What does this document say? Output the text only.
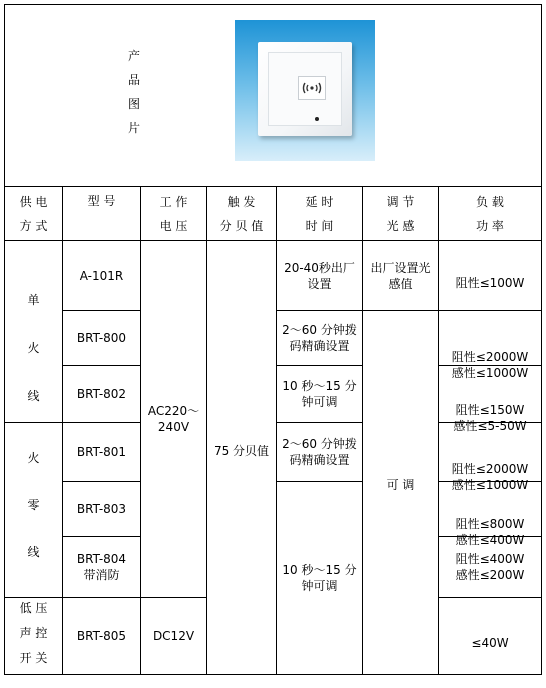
产
品
图
片
供 电
方 式
型 号	工 作
电 压
触 发
分 贝 值
延 时
时 间
调 节
光 感
负 载
功 率
单
火
线
火
零
线
低 压
声 控
开 关
A-101R
BRT-800
BRT-802
BRT-801
BRT-803
BRT-804
带消防
BRT-805
AC220～
240V
DC12V
75 分贝值
20-40秒出厂
设置
2～60 分钟拨
码精确设置
10 秒～15 分
钟可调
2～60 分钟拨
码精确设置
10 秒～15 分
钟可调
出厂设置光
感值
可 调
阻性≤100W
阻性≤2000W
感性≤1000W
阻性≤150W
感性≤5-50W
阻性≤2000W
感性≤1000W
阻性≤800W
感性≤400W
阻性≤400W
感性≤200W
≤40W
